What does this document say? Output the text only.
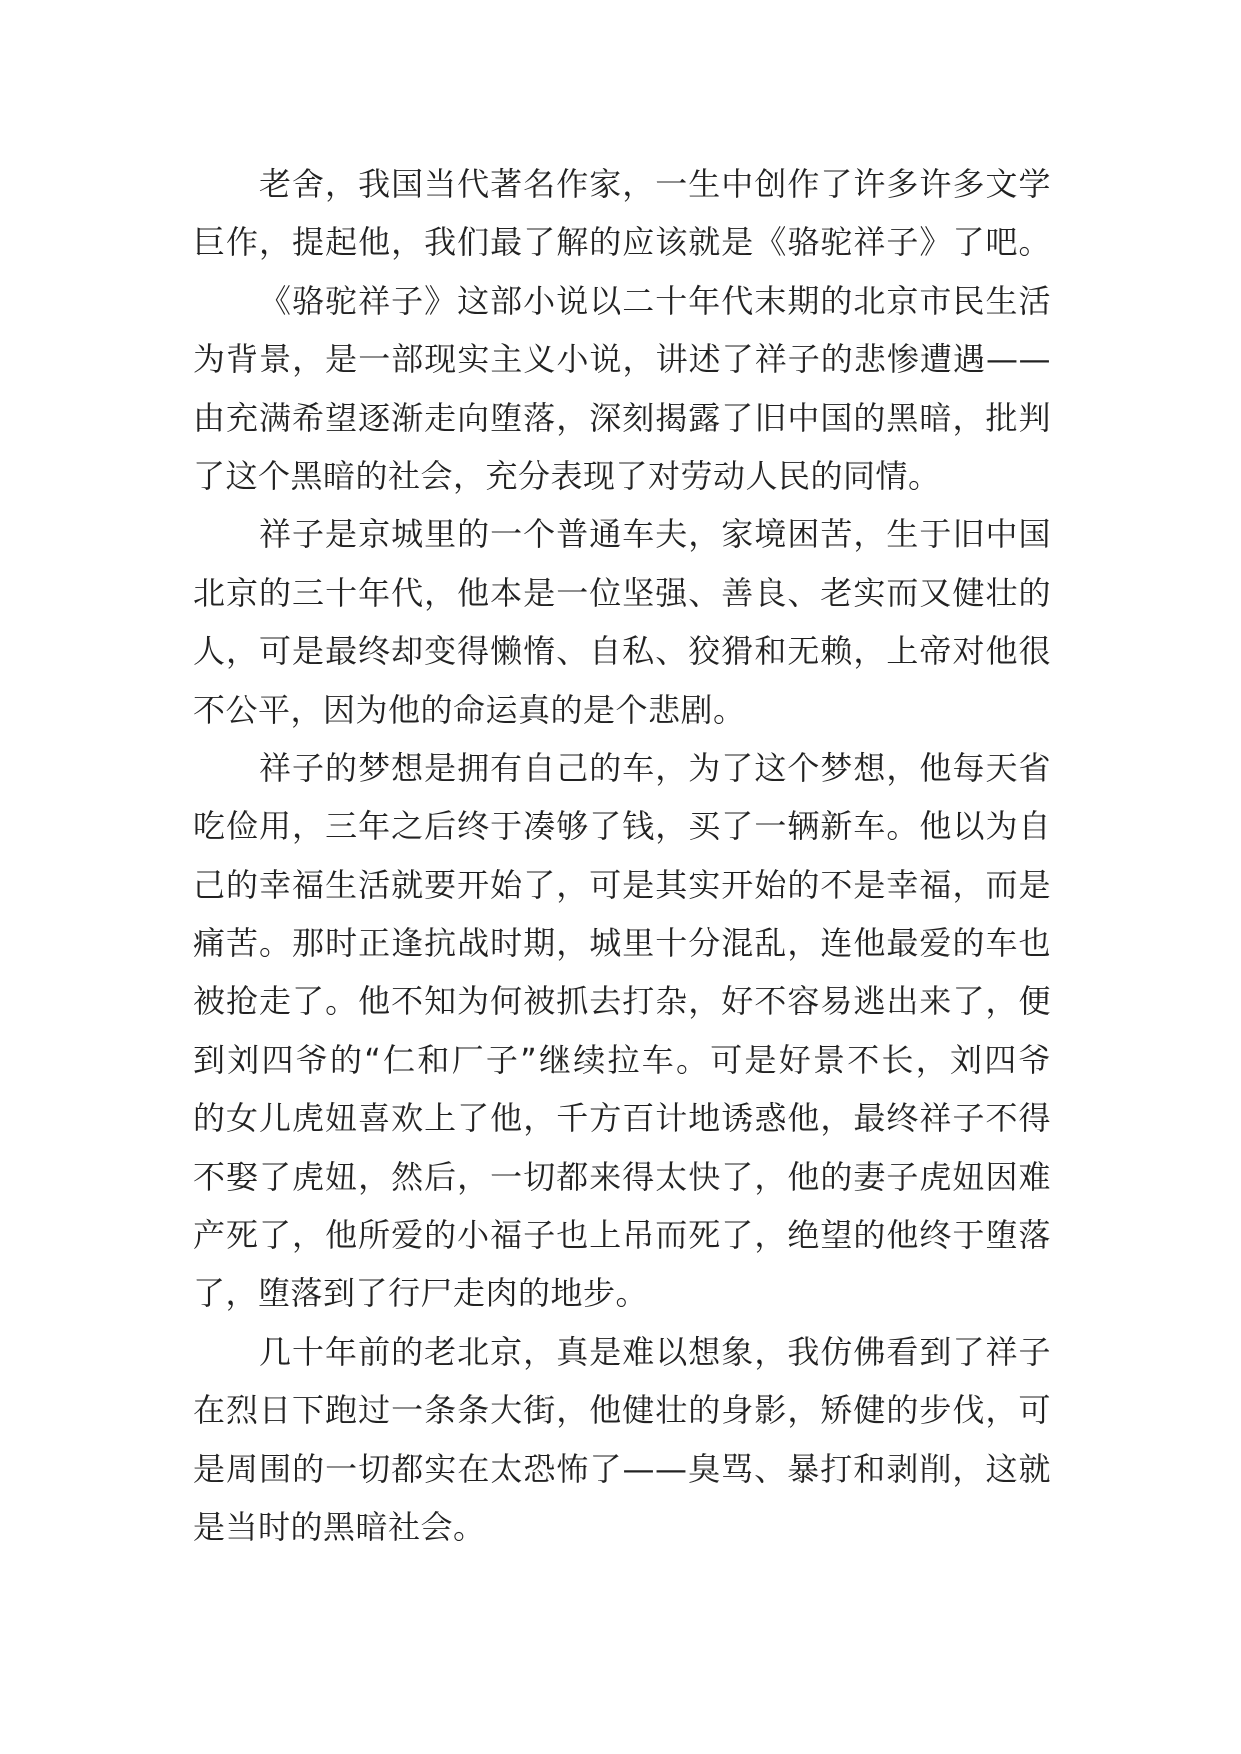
老舍，我国当代著名作家，一生中创作了许多许多文学
巨作，提起他，我们最了解的应该就是《骆驼祥子》了吧。
《骆驼祥子》这部小说以二十年代末期的北京市民生活
为背景，是一部现实主义小说，讲述了祥子的悲惨遭遇——
由充满希望逐渐走向堕落，深刻揭露了旧中国的黑暗，批判
了这个黑暗的社会，充分表现了对劳动人民的同情。
祥子是京城里的一个普通车夫，家境困苦，生于旧中国
北京的三十年代，他本是一位坚强、善良、老实而又健壮的
人，可是最终却变得懒惰、自私、狡猾和无赖，上帝对他很
不公平，因为他的命运真的是个悲剧。
祥子的梦想是拥有自己的车，为了这个梦想，他每天省
吃俭用，三年之后终于凑够了钱，买了一辆新车。他以为自
己的幸福生活就要开始了，可是其实开始的不是幸福，而是
痛苦。那时正逢抗战时期，城里十分混乱，连他最爱的车也
被抢走了。他不知为何被抓去打杂，好不容易逃出来了，便
到刘四爷的“仁和厂子”继续拉车。可是好景不长，刘四爷
的女儿虎妞喜欢上了他，千方百计地诱惑他，最终祥子不得
不娶了虎妞，然后，一切都来得太快了，他的妻子虎妞因难
产死了，他所爱的小福子也上吊而死了，绝望的他终于堕落
了，堕落到了行尸走肉的地步。
几十年前的老北京，真是难以想象，我仿佛看到了祥子
在烈日下跑过一条条大街，他健壮的身影，矫健的步伐，可
是周围的一切都实在太恐怖了——臭骂、暴打和剥削，这就
是当时的黑暗社会。
